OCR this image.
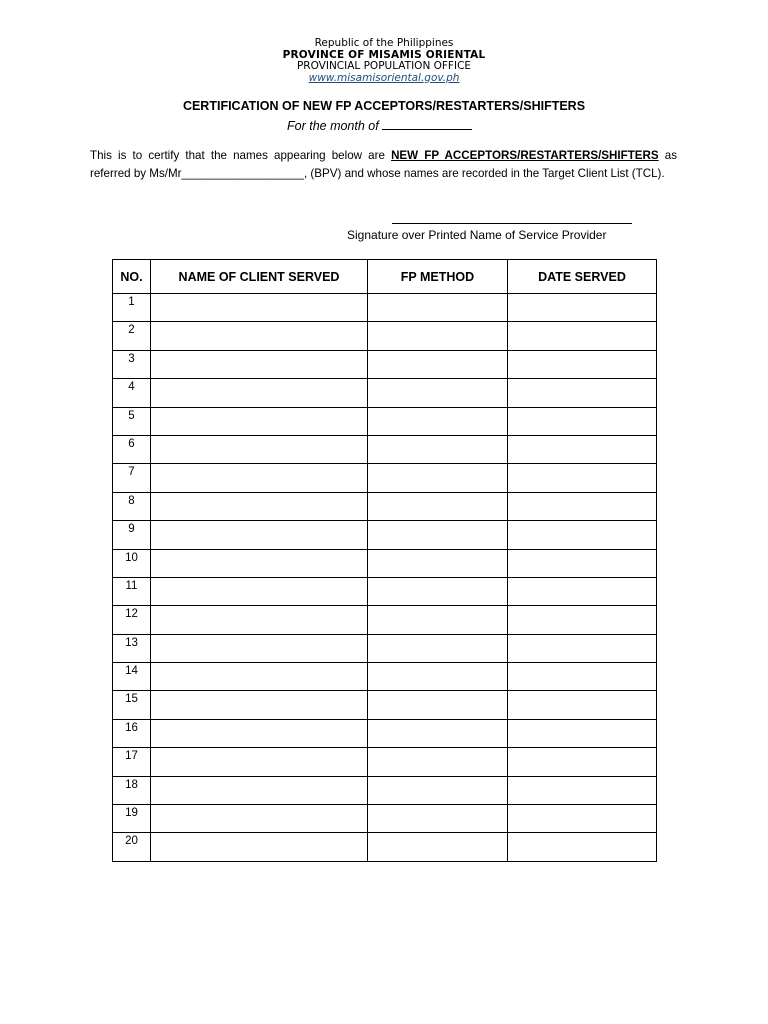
Republic of the Philippines
PROVINCE OF MISAMIS ORIENTAL
PROVINCIAL POPULATION OFFICE
www.misamisoriental.gov.ph
CERTIFICATION OF NEW FP ACCEPTORS/RESTARTERS/SHIFTERS
For the month of
This is to certify that the names appearing below are NEW FP ACCEPTORS/RESTARTERS/SHIFTERS as referred by Ms/Mr___________________, (BPV) and whose names are recorded in the Target Client List (TCL).
Signature over Printed Name of Service Provider
NO.	NAME OF CLIENT SERVED	FP METHOD	DATE SERVED
1			
2			
3			
4			
5			
6			
7			
8			
9			
10			
11			
12			
13			
14			
15			
16			
17			
18			
19			
20			
